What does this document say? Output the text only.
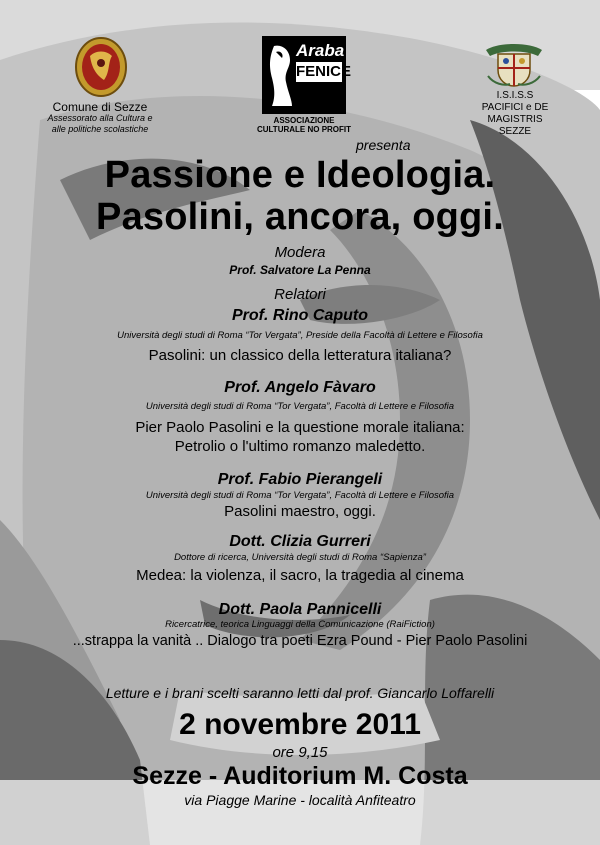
Comune di Sezze
Assessorato alla Cultura e
alle politiche scolastiche
Araba
FENICE
ASSOCIAZIONE
CULTURALE NO PROFIT
I.S.I.S.S
PACIFICI e DE MAGISTRIS
SEZZE
presenta
Passione e Ideologia.
Pasolini, ancora, oggi.
Modera
Prof. Salvatore La Penna
Relatori
Prof. Rino Caputo
Università degli studi di Roma “Tor Vergata”, Preside della Facoltà di Lettere e Filosofia
Pasolini: un classico della letteratura italiana?
Prof. Angelo Fàvaro
Università degli studi di Roma “Tor Vergata”, Facoltà di Lettere e Filosofia
Pier Paolo Pasolini e la questione morale italiana:
Petrolio o l'ultimo romanzo maledetto.
Prof. Fabio Pierangeli
Università degli studi di Roma “Tor Vergata”, Facoltà di Lettere e Filosofia
Pasolini maestro, oggi.
Dott. Clizia Gurreri
Dottore di ricerca, Università degli studi di Roma “Sapienza”
Medea: la violenza, il sacro, la tragedia al cinema
Dott. Paola Pannicelli
Ricercatrice, teorica Linguaggi della Comunicazione (RaiFiction)
...strappa la vanità .. Dialogo tra poeti Ezra Pound - Pier Paolo Pasolini
Letture e i brani scelti saranno letti dal prof. Giancarlo Loffarelli
2 novembre 2011
ore 9,15
Sezze - Auditorium M. Costa
via Piagge Marine - località Anfiteatro
